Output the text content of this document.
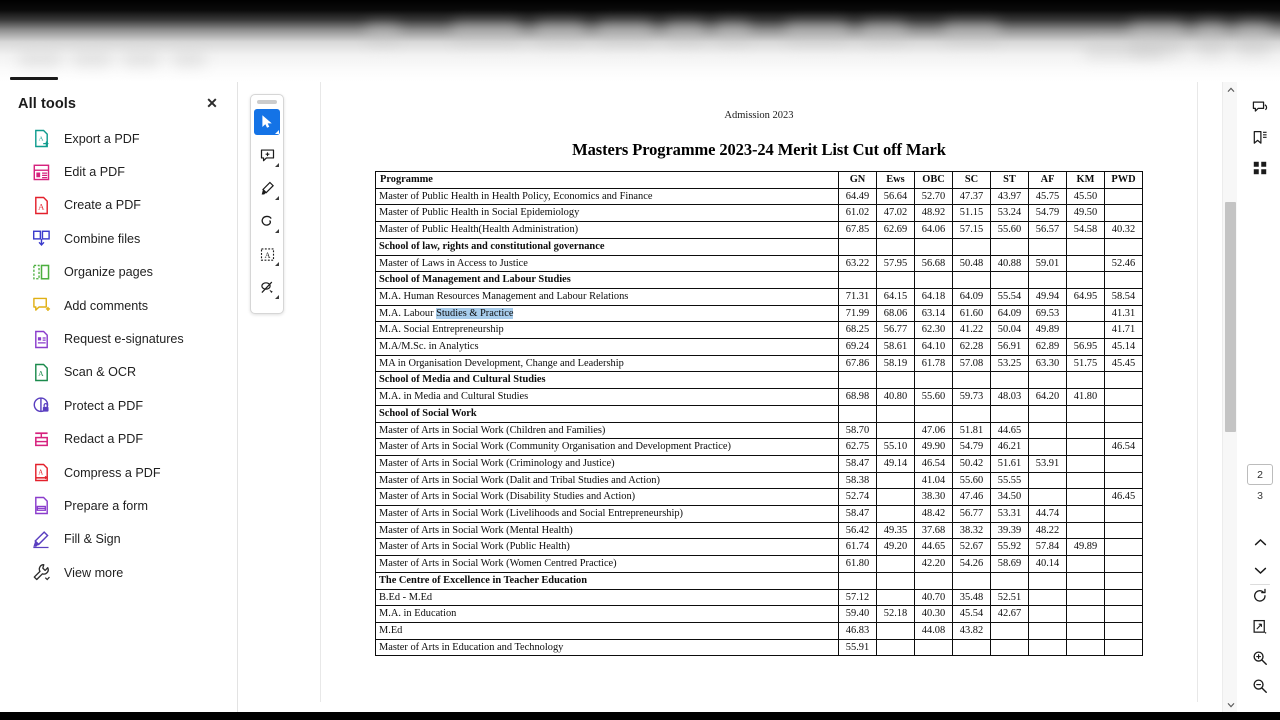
All tools	✕
A Export a PDF
Edit a PDF
A Create a PDF
Combine files
Organize pages
Add comments
Request e-signatures
A Scan & OCR
Protect a PDF
Redact a PDF
A Compress a PDF
Prepare a form
Fill & Sign
View more
A
Admission 2023
Masters Programme 2023-24 Merit List Cut off Mark
Programme	GN	Ews	OBC	SC	ST	AF	KM	PWD
Master of Public Health in Health Policy, Economics and Finance	64.49	56.64	52.70	47.37	43.97	45.75	45.50	
Master of Public Health in Social Epidemiology	61.02	47.02	48.92	51.15	53.24	54.79	49.50	
Master of Public Health(Health Administration)	67.85	62.69	64.06	57.15	55.60	56.57	54.58	40.32
School of law, rights and constitutional governance								
Master of Laws in Access to Justice	63.22	57.95	56.68	50.48	40.88	59.01		52.46
School of Management and Labour Studies								
M.A. Human Resources Management and Labour Relations	71.31	64.15	64.18	64.09	55.54	49.94	64.95	58.54
M.A. Labour Studies & Practice	71.99	68.06	63.14	61.60	64.09	69.53		41.31
M.A. Social Entrepreneurship	68.25	56.77	62.30	41.22	50.04	49.89		41.71
M.A/M.Sc. in Analytics	69.24	58.61	64.10	62.28	56.91	62.89	56.95	45.14
MA in Organisation Development, Change and Leadership	67.86	58.19	61.78	57.08	53.25	63.30	51.75	45.45
School of Media and Cultural Studies								
M.A. in Media and Cultural Studies	68.98	40.80	55.60	59.73	48.03	64.20	41.80	
School of Social Work								
Master of Arts in Social Work (Children and Families)	58.70		47.06	51.81	44.65			
Master of Arts in Social Work (Community Organisation and Development Practice)	62.75	55.10	49.90	54.79	46.21			46.54
Master of Arts in Social Work (Criminology and Justice)	58.47	49.14	46.54	50.42	51.61	53.91		
Master of Arts in Social Work (Dalit and Tribal Studies and Action)	58.38		41.04	55.60	55.55			
Master of Arts in Social Work (Disability Studies and Action)	52.74		38.30	47.46	34.50			46.45
Master of Arts in Social Work (Livelihoods and Social Entrepreneurship)	58.47		48.42	56.77	53.31	44.74		
Master of Arts in Social Work (Mental Health)	56.42	49.35	37.68	38.32	39.39	48.22		
Master of Arts in Social Work (Public Health)	61.74	49.20	44.65	52.67	55.92	57.84	49.89	
Master of Arts in Social Work (Women Centred Practice)	61.80		42.20	54.26	58.69	40.14		
The Centre of Excellence in Teacher Education								
B.Ed - M.Ed	57.12		40.70	35.48	52.51			
M.A. in Education	59.40	52.18	40.30	45.54	42.67			
M.Ed	46.83		44.08	43.82				
Master of Arts in Education and Technology	55.91							
2
3
